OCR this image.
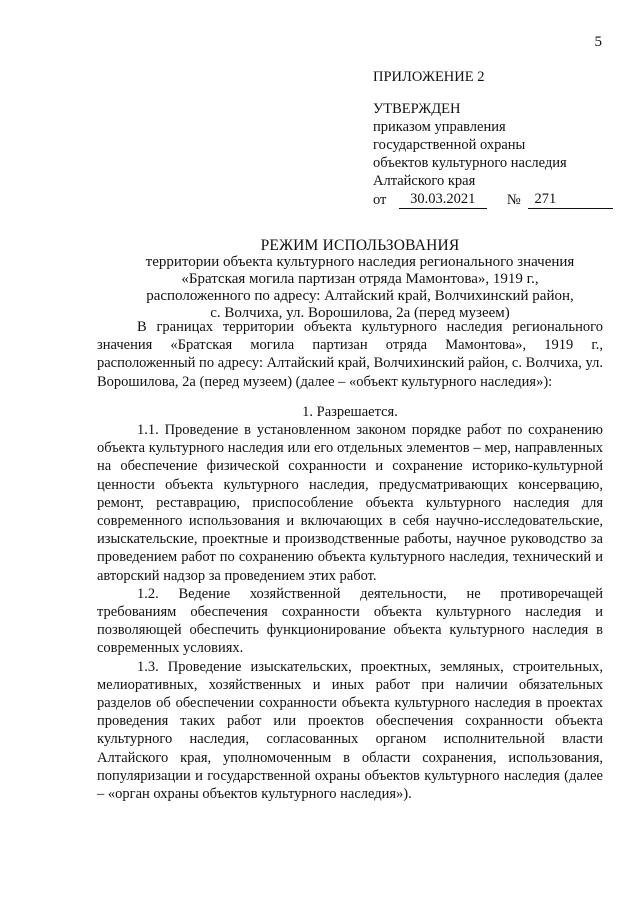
5
ПРИЛОЖЕНИЕ 2
УТВЕРЖДЕН
приказом управления
государственной охраны
объектов культурного наследия
Алтайского края
от	30.03.2021	№ 271
РЕЖИМ ИСПОЛЬЗОВАНИЯ
территории объекта культурного наследия регионального значения
«Братская могила партизан отряда Мамонтова», 1919 г.,
расположенного по адресу: Алтайский край, Волчихинский район,
с. Волчиха, ул. Ворошилова, 2а (перед музеем)

В границах территории объекта культурного наследия регионального значения «Братская могила партизан отряда Мамонтова», 1919 г., расположенный по адресу: Алтайский край, Волчихинский район, с. Волчиха, ул. Ворошилова, 2а (перед музеем) (далее – «объект культурного наследия»):

1. Разрешается.

1.1. Проведение в установленном законом порядке работ по сохранению объекта культурного наследия или его отдельных элементов – мер, направленных на обеспечение физической сохранности и сохранение историко-культурной ценности объекта культурного наследия, предусматривающих консервацию, ремонт, реставрацию, приспособление объекта культурного наследия для современного использования и включающих в себя научно-исследовательские, изыскательские, проектные и производственные работы, научное руководство за проведением работ по сохранению объекта культурного наследия, технический и авторский надзор за проведением этих работ.

1.2. Ведение хозяйственной деятельности, не противоречащей требованиям обеспечения сохранности объекта культурного наследия и позволяющей обеспечить функционирование объекта культурного наследия в современных условиях.

1.3. Проведение изыскательских, проектных, земляных, строительных, мелиоративных, хозяйственных и иных работ при наличии обязательных разделов об обеспечении сохранности объекта культурного наследия в проектах проведения таких работ или проектов обеспечения сохранности объекта культурного наследия, согласованных органом исполнительной власти Алтайского края, уполномоченным в области сохранения, использования, популяризации и государственной охраны объектов культурного наследия (далее – «орган охраны объектов культурного наследия»).
